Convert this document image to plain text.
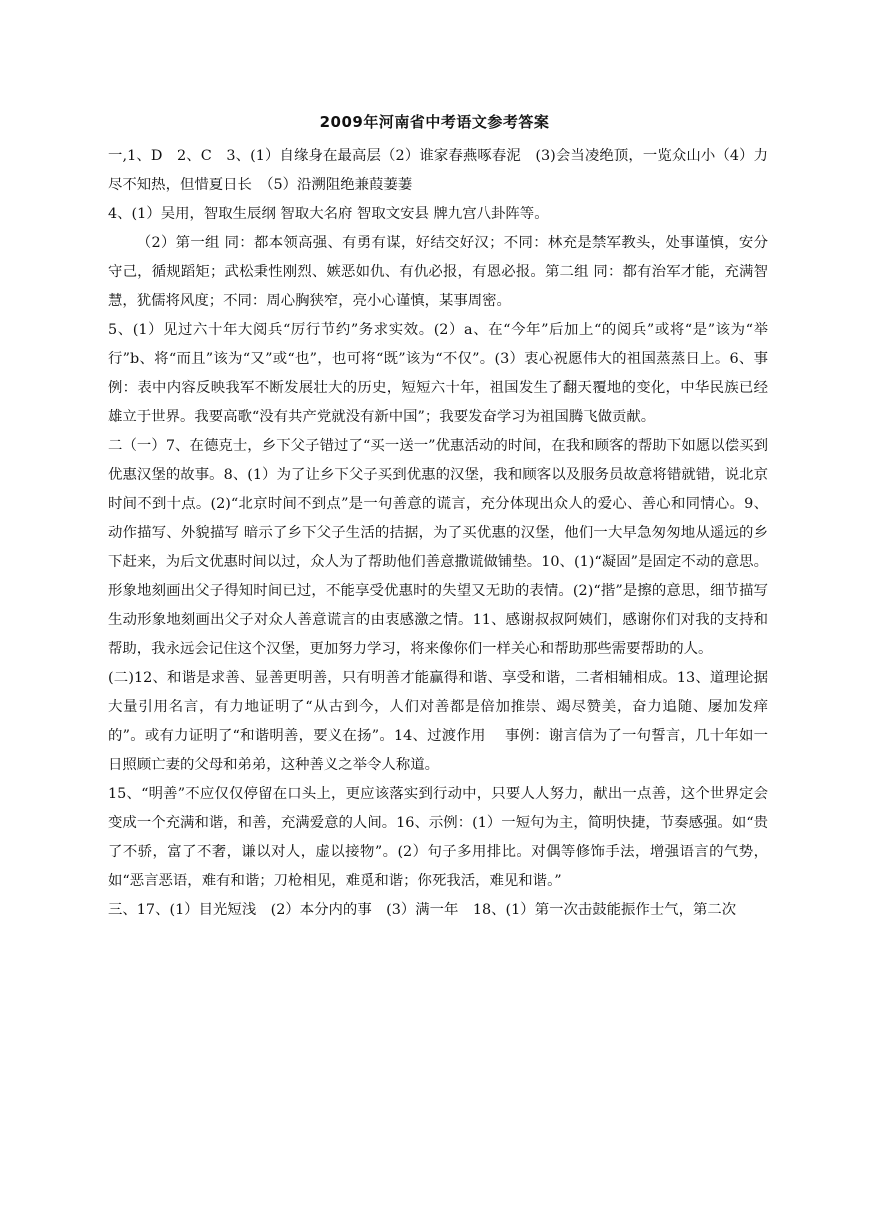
2009年河南省中考语文参考答案

一,1、D　2、C　3、(1）自缘身在最高层（2）谁家春燕啄春泥　(3)会当凌绝顶，一览众山小（4）力尽不知热，但惜夏日长　（5）沿溯阻绝兼葭萋萋

4、(1）吴用，智取生辰纲 智取大名府 智取文安县 牌九宫八卦阵等。

（2）第一组 同：都本领高强、有勇有谋，好结交好汉；不同：林充是禁军教头，处事谨慎，安分守己，循规蹈矩；武松秉性刚烈、嫉恶如仇、有仇必报，有恩必报。第二组 同：都有治军才能，充满智慧，犹儒将风度；不同：周心胸狭窄，亮小心谨慎，某事周密。

5、(1）见过六十年大阅兵“厉行节约”务求实效。(2）a、在“今年”后加上“的阅兵”或将“是”该为“举行”b、将“而且”该为“又”或“也”，也可将“既”该为“不仅”。(3）衷心祝愿伟大的祖国蒸蒸日上。6、事例：表中内容反映我军不断发展壮大的历史，短短六十年，祖国发生了翻天覆地的变化，中华民族已经雄立于世界。我要高歌“没有共产党就没有新中国”；我要发奋学习为祖国腾飞做贡献。

二（一）7、在德克士，乡下父子错过了“买一送一”优惠活动的时间，在我和顾客的帮助下如愿以偿买到优惠汉堡的故事。8、(1）为了让乡下父子买到优惠的汉堡，我和顾客以及服务员故意将错就错，说北京时间不到十点。(2)“北京时间不到点”是一句善意的谎言，充分体现出众人的爱心、善心和同情心。9、动作描写、外貌描写 暗示了乡下父子生活的拮据，为了买优惠的汉堡，他们一大早急匆匆地从遥远的乡下赶来，为后文优惠时间以过，众人为了帮助他们善意撒谎做铺垫。10、(1)“凝固”是固定不动的意思。形象地刻画出父子得知时间已过，不能享受优惠时的失望又无助的表情。(2)“揩”是擦的意思，细节描写生动形象地刻画出父子对众人善意谎言的由衷感激之情。11、感谢叔叔阿姨们，感谢你们对我的支持和帮助，我永远会记住这个汉堡，更加努力学习，将来像你们一样关心和帮助那些需要帮助的人。

(二)12、和谐是求善、显善更明善，只有明善才能赢得和谐、享受和谐，二者相辅相成。13、道理论据 大量引用名言，有力地证明了“从古到今，人们对善都是倍加推崇、竭尽赞美，奋力追随、屡加发痒的”。或有力证明了“和谐明善，要义在扬”。14、过渡作用　 事例：谢言信为了一句誓言，几十年如一日照顾亡妻的父母和弟弟，这种善义之举令人称道。

15、“明善”不应仅仅停留在口头上，更应该落实到行动中，只要人人努力，献出一点善，这个世界定会变成一个充满和谐，和善，充满爱意的人间。16、示例：(1）一短句为主，简明快捷，节奏感强。如“贵了不骄，富了不奢，谦以对人，虚以接物”。(2）句子多用排比。对偶等修饰手法，增强语言的气势，如“恶言恶语，难有和谐；刀枪相见，难觅和谐；你死我活，难见和谐。”

三、17、(1）目光短浅　(2）本分内的事　(3）满一年　18、(1）第一次击鼓能振作士气，第二次
